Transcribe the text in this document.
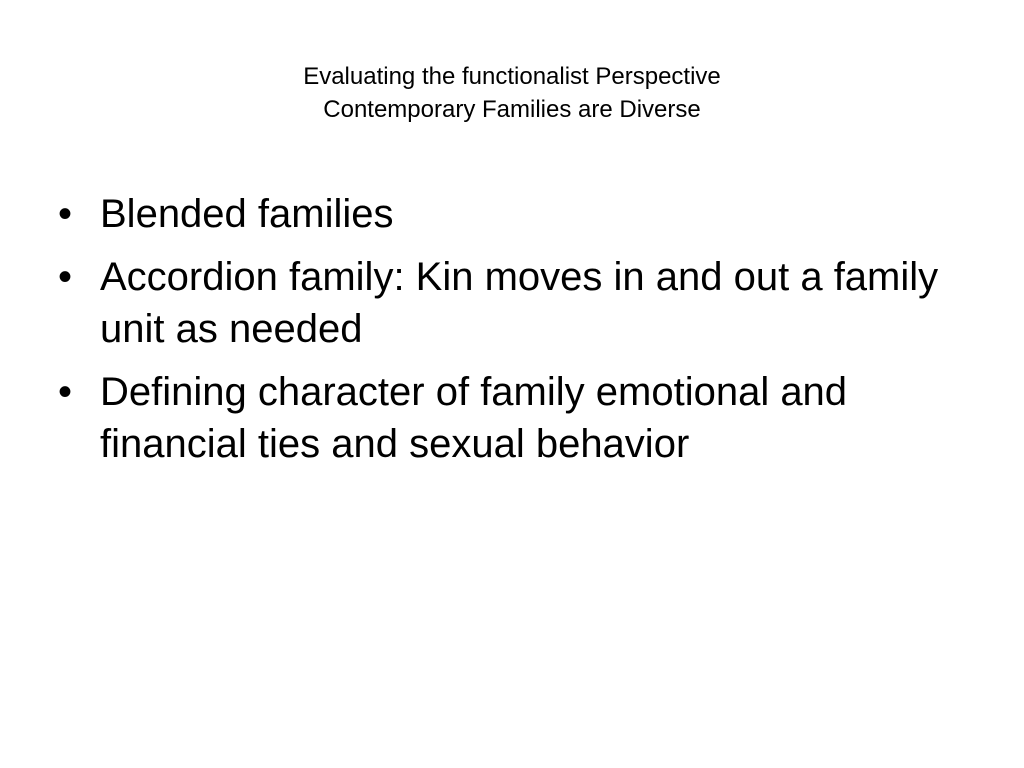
Evaluating the functionalist Perspective
Contemporary Families are Diverse
• Blended families
• Accordion family: Kin moves in and out a family unit as needed
• Defining character of family emotional and financial ties and sexual behavior
